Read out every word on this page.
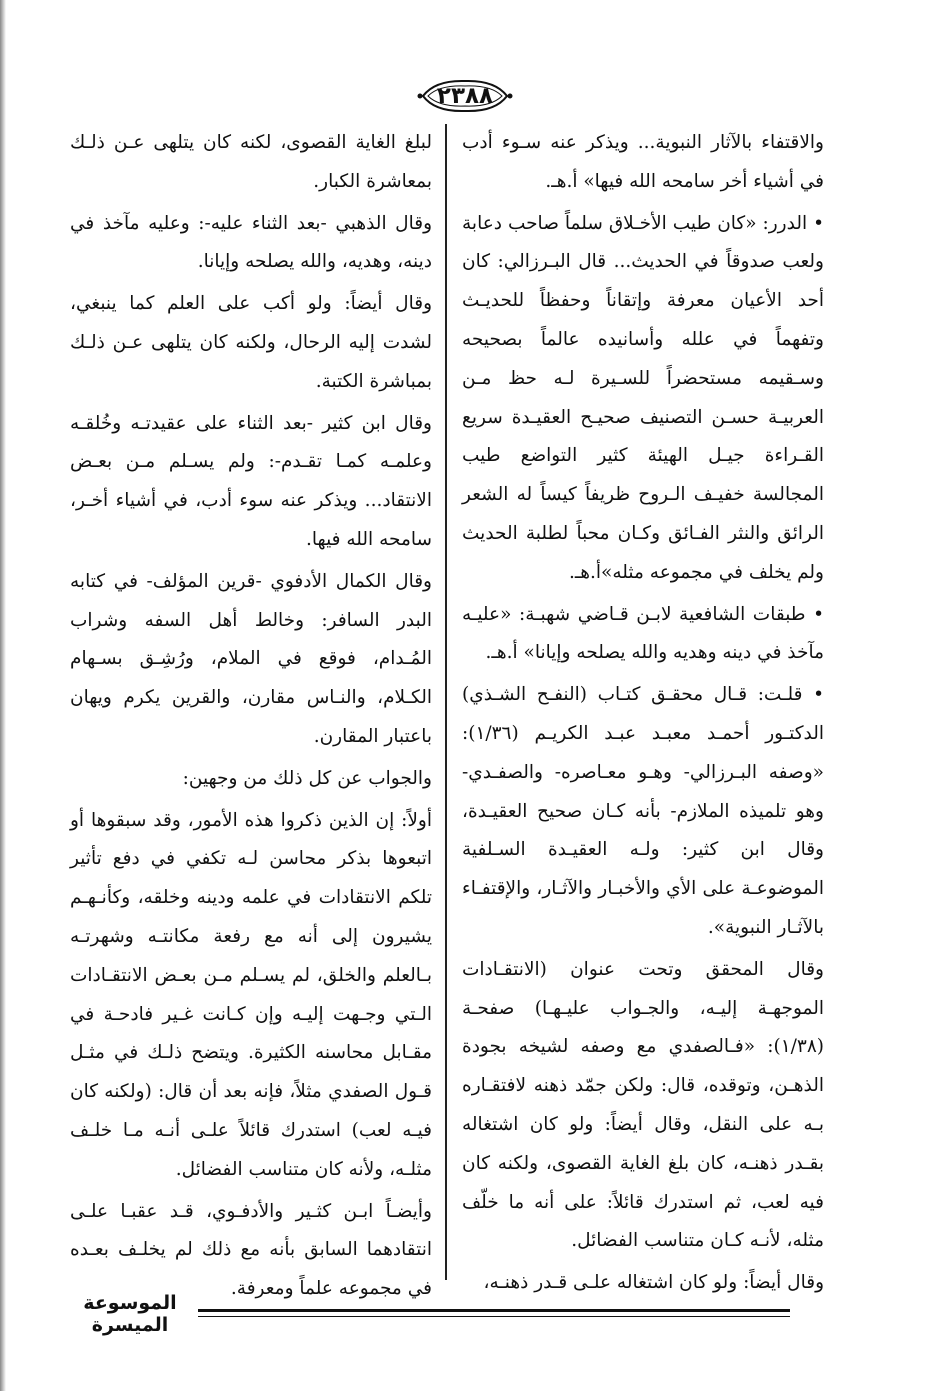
٢٣٨٨

والاقتفاء بالآثار النبوية... ويذكر عنه سـوء أدب في أشياء أخر سامحه الله فيها» أ.هـ.

• الدرر: «كان طيب الأخـلاق سلماً صاحب دعابة ولعب صدوقاً في الحديث... قال البـرزالي: كان أحد الأعيان معرفة وإتقاناً وحفظاً للحديـث وتفهماً في علله وأسانيده عالماً بصحيحه وسـقيمه مستحضراً للسـيرة لـه حظ مـن العربيـة حسـن التصنيف صحيـح العقيـدة سريع القـراءة جيـل الهيئة كثير التواضع طيب المجالسة خفيـف الـروح ظريفاً كيساً له الشعر الرائق والنثر الفـائق وكـان محباً لطلبة الحديث ولم يخلف في مجموعه مثله»أ.هـ.

• طبقات الشافعية لابـن قـاضي شهبـة: «عليـه مآخذ في دينه وهديه والله يصلحه وإيانا» أ.هـ.

• قلـت: قـال محقـق كتـاب (النفـح الشـذي) الدكتـور أحمـد معبـد عبـد الكريـم (١/٣٦): «وصفه البـرزالي- وهـو معـاصره- والصفـدي- وهو تلميذه الملازم- بأنه كـان صحيح العقيـدة، وقال ابن كثير: ولـه العقيـدة السـلفية الموضوعـة على الأي والأخبـار والآثـار، والإقتفـاء بالآثـار النبوية».

وقال المحقق وتحت عنوان (الانتقـادات الموجهـة إليـه، والجـواب عليـهـا) صفحـة (١/٣٨): «فـالصفدي مع وصفه لشيخه بجودة الذهـن، وتوقده، قال: ولكن جمّد ذهنه لافتقـاره بـه على النقل، وقال أيضاً: ولو كان اشتغاله بقـدر ذهنـه، كان بلغ الغاية القصوى، ولكنه كان فيه لعب، ثم استدرك قائلاً: على أنه ما خلّف مثله، لأنـه كـان متناسب الفضائل.

وقال أيضاً: ولو كان اشتغاله علـى قـدر ذهنـه،

لبلغ الغاية القصوى، لكنه كان يتلهى عـن ذلـك بمعاشرة الكبار.

وقال الذهبي -بعد الثناء عليه-: وعليه مآخذ في دينه، وهديه، والله يصلحه وإيانا.

وقال أيضاً: ولو أكب على العلم كما ينبغي، لشدت إليه الرحال، ولكنه كان يتلهى عـن ذلـك بمباشرة الكتبة.

وقال ابن كثير -بعد الثناء على عقيدتـه وخُلقـه وعلمـه كمـا تقـدم-: ولم يسـلم مـن بعـض الانتقاد... ويذكر عنه سوء أدب، في أشياء أخـر، سامحه الله فيها.

وقال الكمال الأدفوي -قرين المؤلف- في كتابه البدر السافر: وخالط أهل السفه وشراب المُـدام، فوقع في الملام، ورُشِـق بسـهام الكـلام، والنـاس مقارن، والقرين يكرم ويهان باعتبار المقارن.

والجواب عن كل ذلك من وجهين:

أولاً: إن الذين ذكروا هذه الأمور، وقد سبقوها أو اتبعوها بذكر محاسن لـه تكفي في دفع تأثير تلكم الانتقادات في علمه ودينه وخلقه، وكأنـهـم يشيرون إلى أنه مع رفعة مكانتـه وشهرتـه بـالعلم والخلق، لم يسـلم مـن بعـض الانتقـادات الـتي وجـهت إليـه وإن كـانت غـير فادحـة في مقـابل محاسنه الكثيرة. ويتضح ذلـك في مثـل قـول الصفدي مثلاً، فإنه بعد أن قال: (ولكنه كان فيـه لعب) استدرك قائلاً علـى أنـه مـا خلـف مثلـه، ولأنه كان متناسب الفضائل.

وأيضـاً ابـن كثـير والأدفـوي، قـد عقبـا علـى انتقادهما السابق بأنه مع ذلك لم يخلـف بعـده في مجموعه علماً ومعرفة.

الموسوعة الميسرة
